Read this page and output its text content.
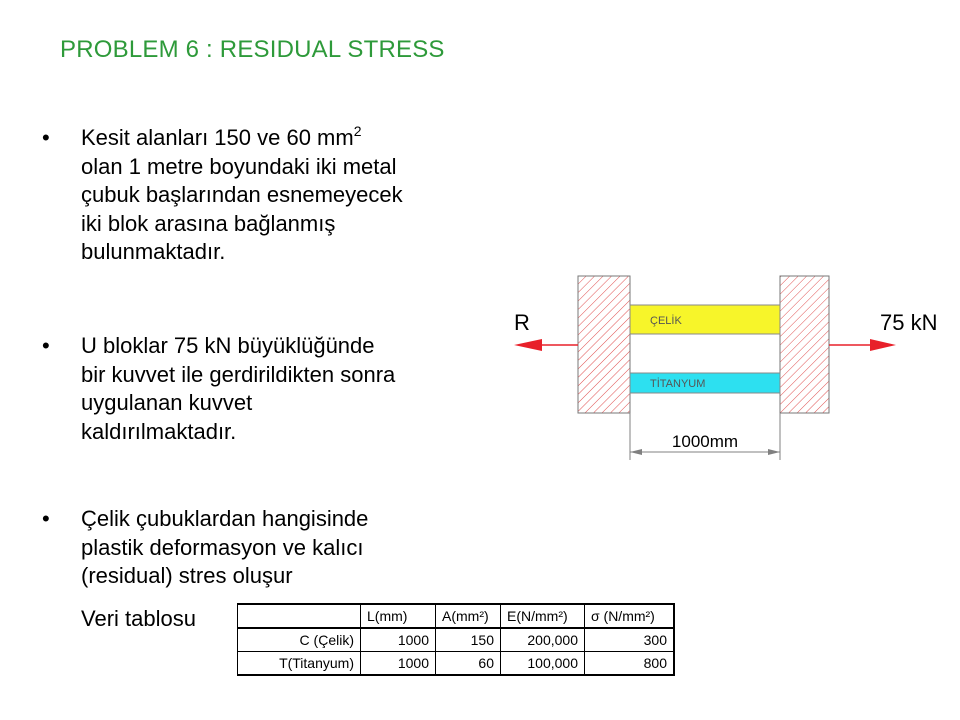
PROBLEM 6 : RESIDUAL STRESS
• Kesit alanları 150 ve 60 $mm^2$
olan 1 metre boyundaki iki metal
çubuk başlarından esnemeyecek
iki blok arasına bağlanmış
bulunmaktadır.
• U bloklar 75 kN büyüklüğünde
bir kuvvet ile gerdirildikten sonra
uygulanan kuvvet
kaldırılmaktadır.
• Çelik çubuklardan hangisinde
plastik deformasyon ve kalıcı
(residual) stres oluşur
Veri tablosu
		L(mm)	A(mm²)	E(N/mm²)	σ (N/mm²)
C (Çelik)	1000	150	200,000	300
T(Titanyum)	1000	60	100,000	800
ÇELİK
TİTANYUM
R	75 kN
1000mm
